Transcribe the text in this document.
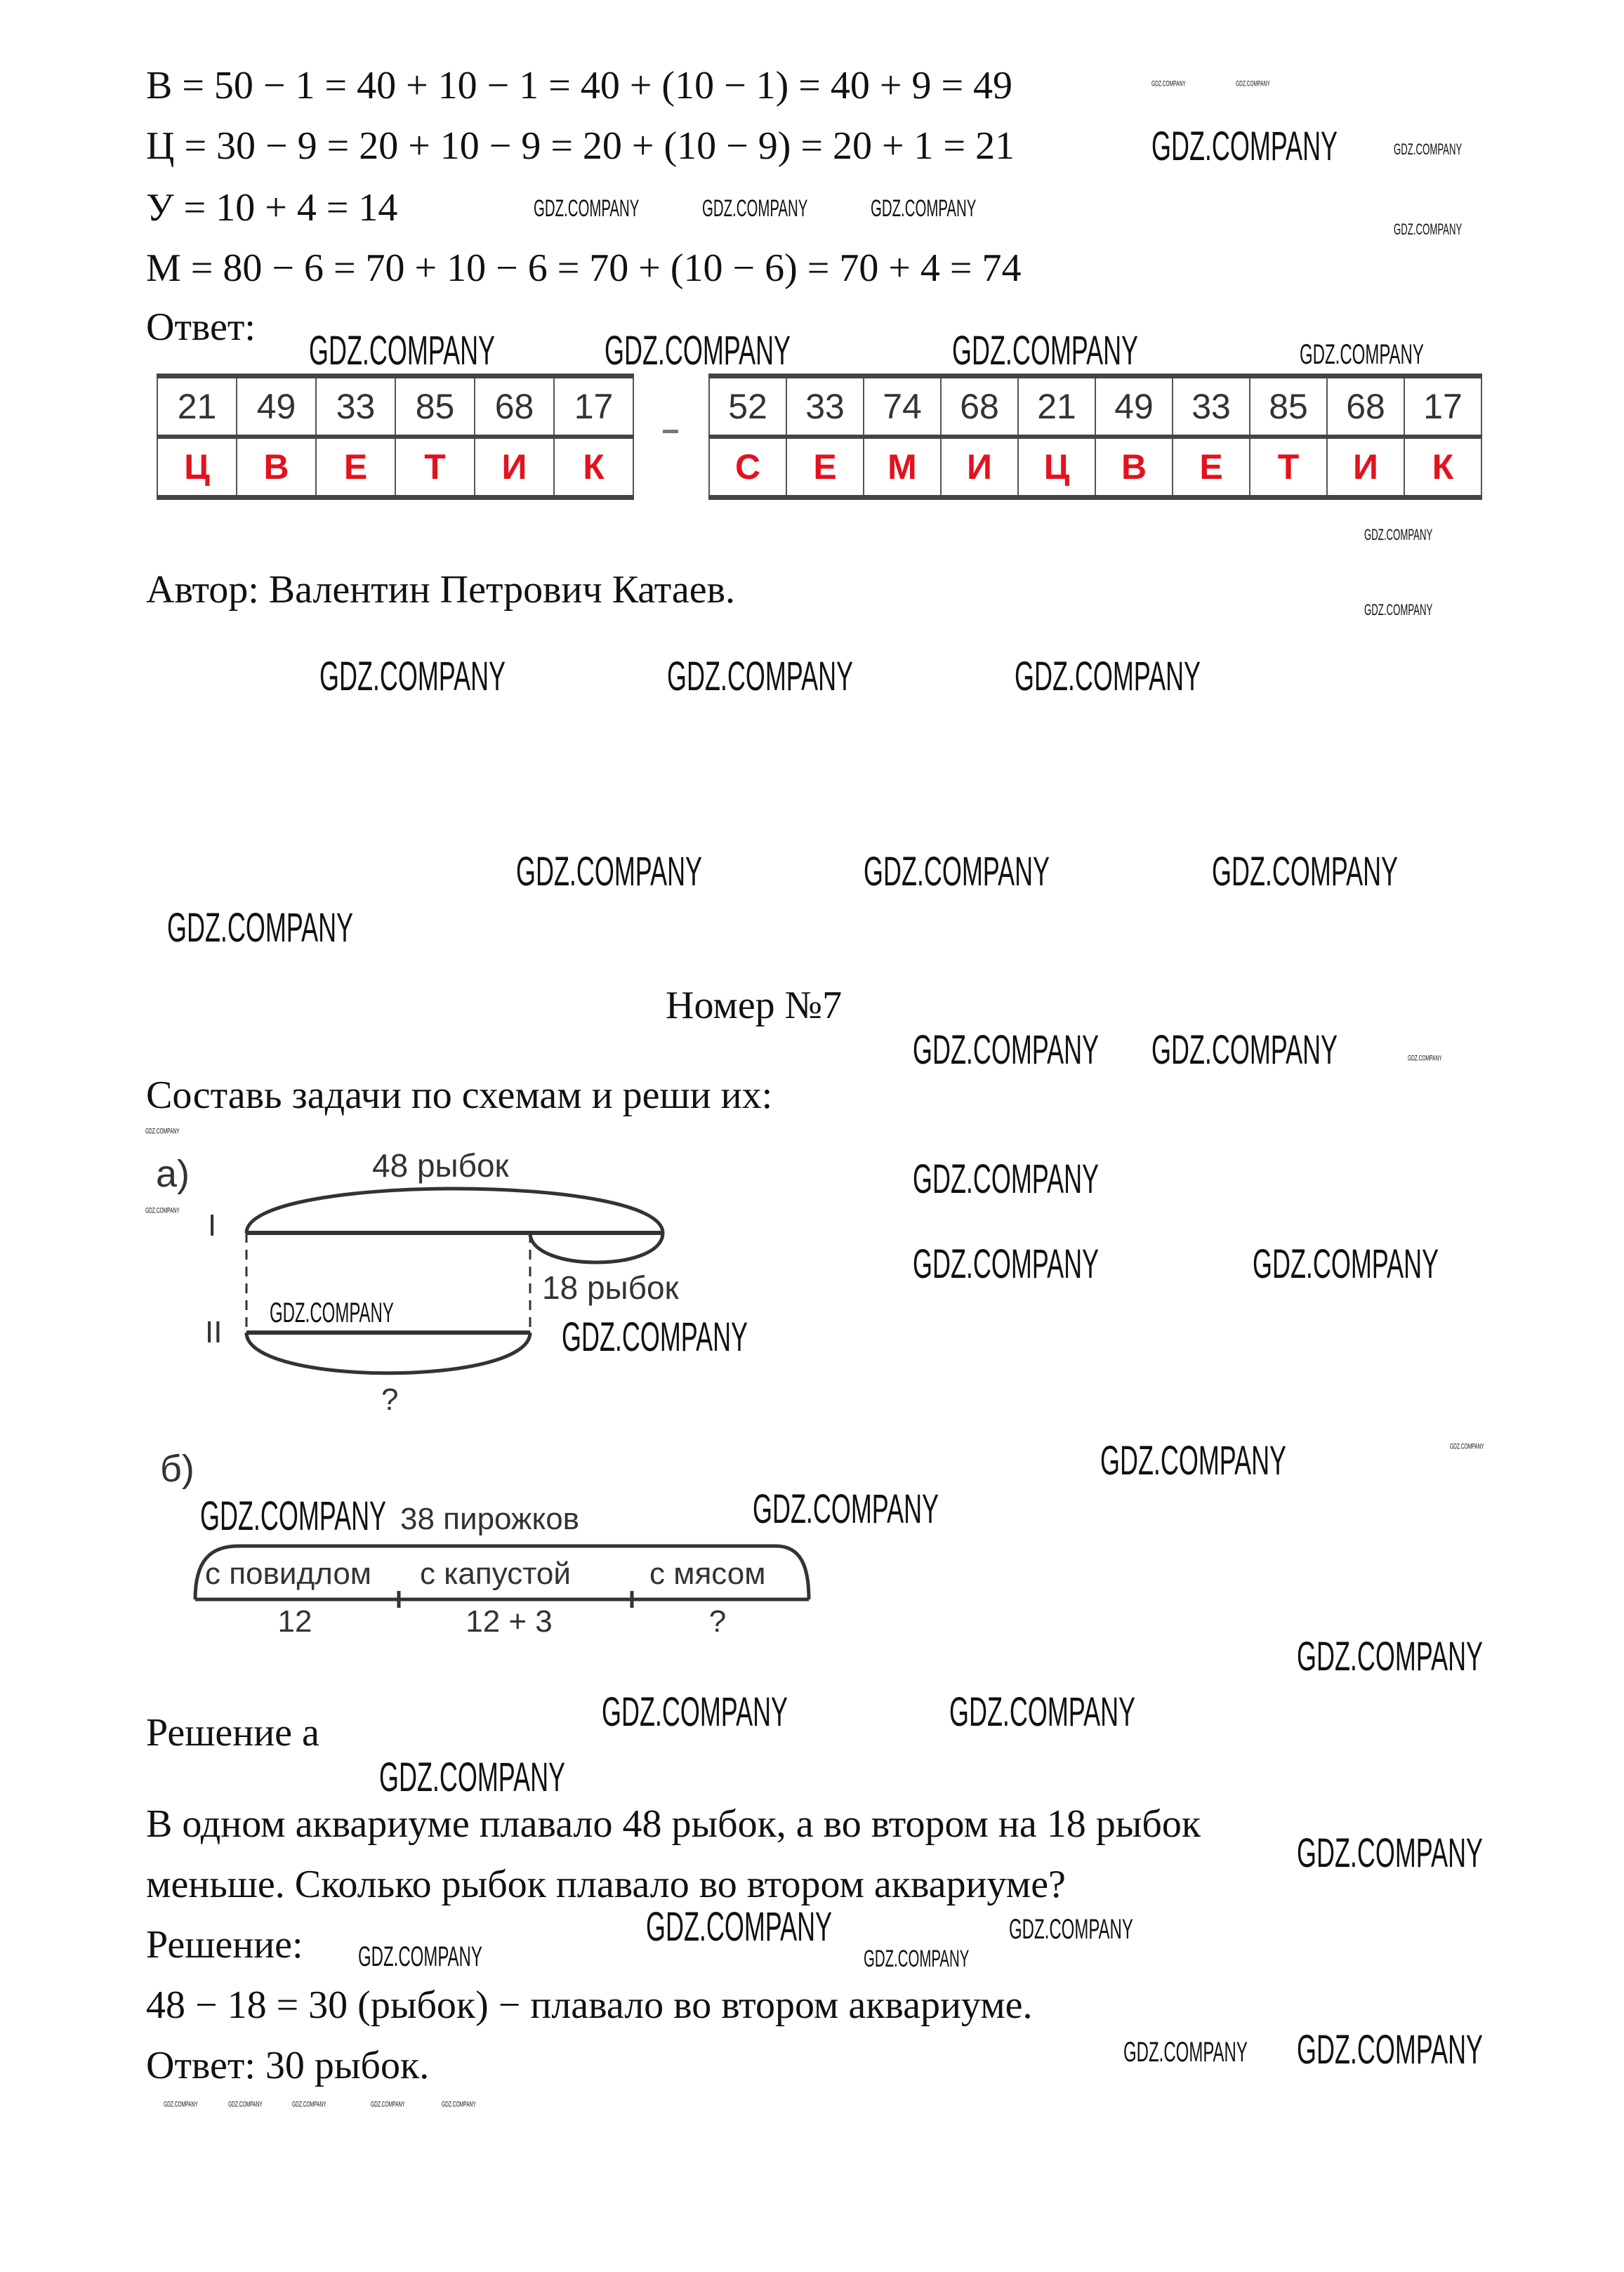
В = 50 − 1 = 40 + 10 − 1 = 40 + (10 − 1) = 40 + 9 = 49
Ц = 30 − 9 = 20 + 10 − 9 = 20 + (10 − 9) = 20 + 1 = 21
У = 10 + 4 = 14
М = 80 − 6 = 70 + 10 − 6 = 70 + (10 − 6) = 70 + 4 = 74
Ответ:
21	49	33	85	68	17
Ц	В	Е	Т	И	К
52	33	74	68	21	49	33	85	68	17
С	Е	М	И	Ц	В	Е	Т	И	К
Автор: Валентин Петрович Катаев.
Номер №7
Составь задачи по схемам и реши их:
а)	48 рыбок
I
II
18 рыбок
?
б)
38 пирожков
с повидлом с капустой	с мясом
12	12 + 3	?
Решение а
В одном аквариуме плавало 48 рыбок, а во втором на 18 рыбок
меньше. Сколько рыбок плавало во втором аквариуме?
Решение:
48 − 18 = 30 (рыбок) − плавало во втором аквариуме.
Ответ: 30 рыбок.
GDZ.COMPANY	GDZ.COMPANY	GDZ.COMPANY
GDZ.COMPANY	GDZ.COMPANY
GDZ.COMPANY	GDZ.COMPANY
GDZ.COMPANY
GDZ.COMPANY	GDZ.COMPANY	GDZ.COMPANY	GDZ.COMPANY
GDZ.COMPANY
GDZ.COMPANY
GDZ.COMPANY	GDZ.COMPANY	GDZ.COMPANY
GDZ.COMPANY	GDZ.COMPANY	GDZ.COMPANY
GDZ.COMPANY
GDZ.COMPANY GDZ.COMPANY	GDZ.COMPANY
GDZ.COMPANY
GDZ.COMPANY
GDZ.COMPANY
GDZ.COMPANY	GDZ.COMPANY
GDZ.COMPANY
GDZ.COMPANY
GDZ.COMPANY	GDZ.COMPANY
GDZ.COMPANY	GDZ.COMPANY
GDZ.COMPANY
GDZ.COMPANY	GDZ.COMPANY
GDZ.COMPANY
GDZ.COMPANY
GDZ.COMPANY	GDZ.COMPANY
GDZ.COMPANY	GDZ.COMPANY
GDZ.COMPANY GDZ.COMPANY
GDZ.COMPANY	GDZ.COMPANY	GDZ.COMPANY	GDZ.COMPANY	GDZ.COMPANY
